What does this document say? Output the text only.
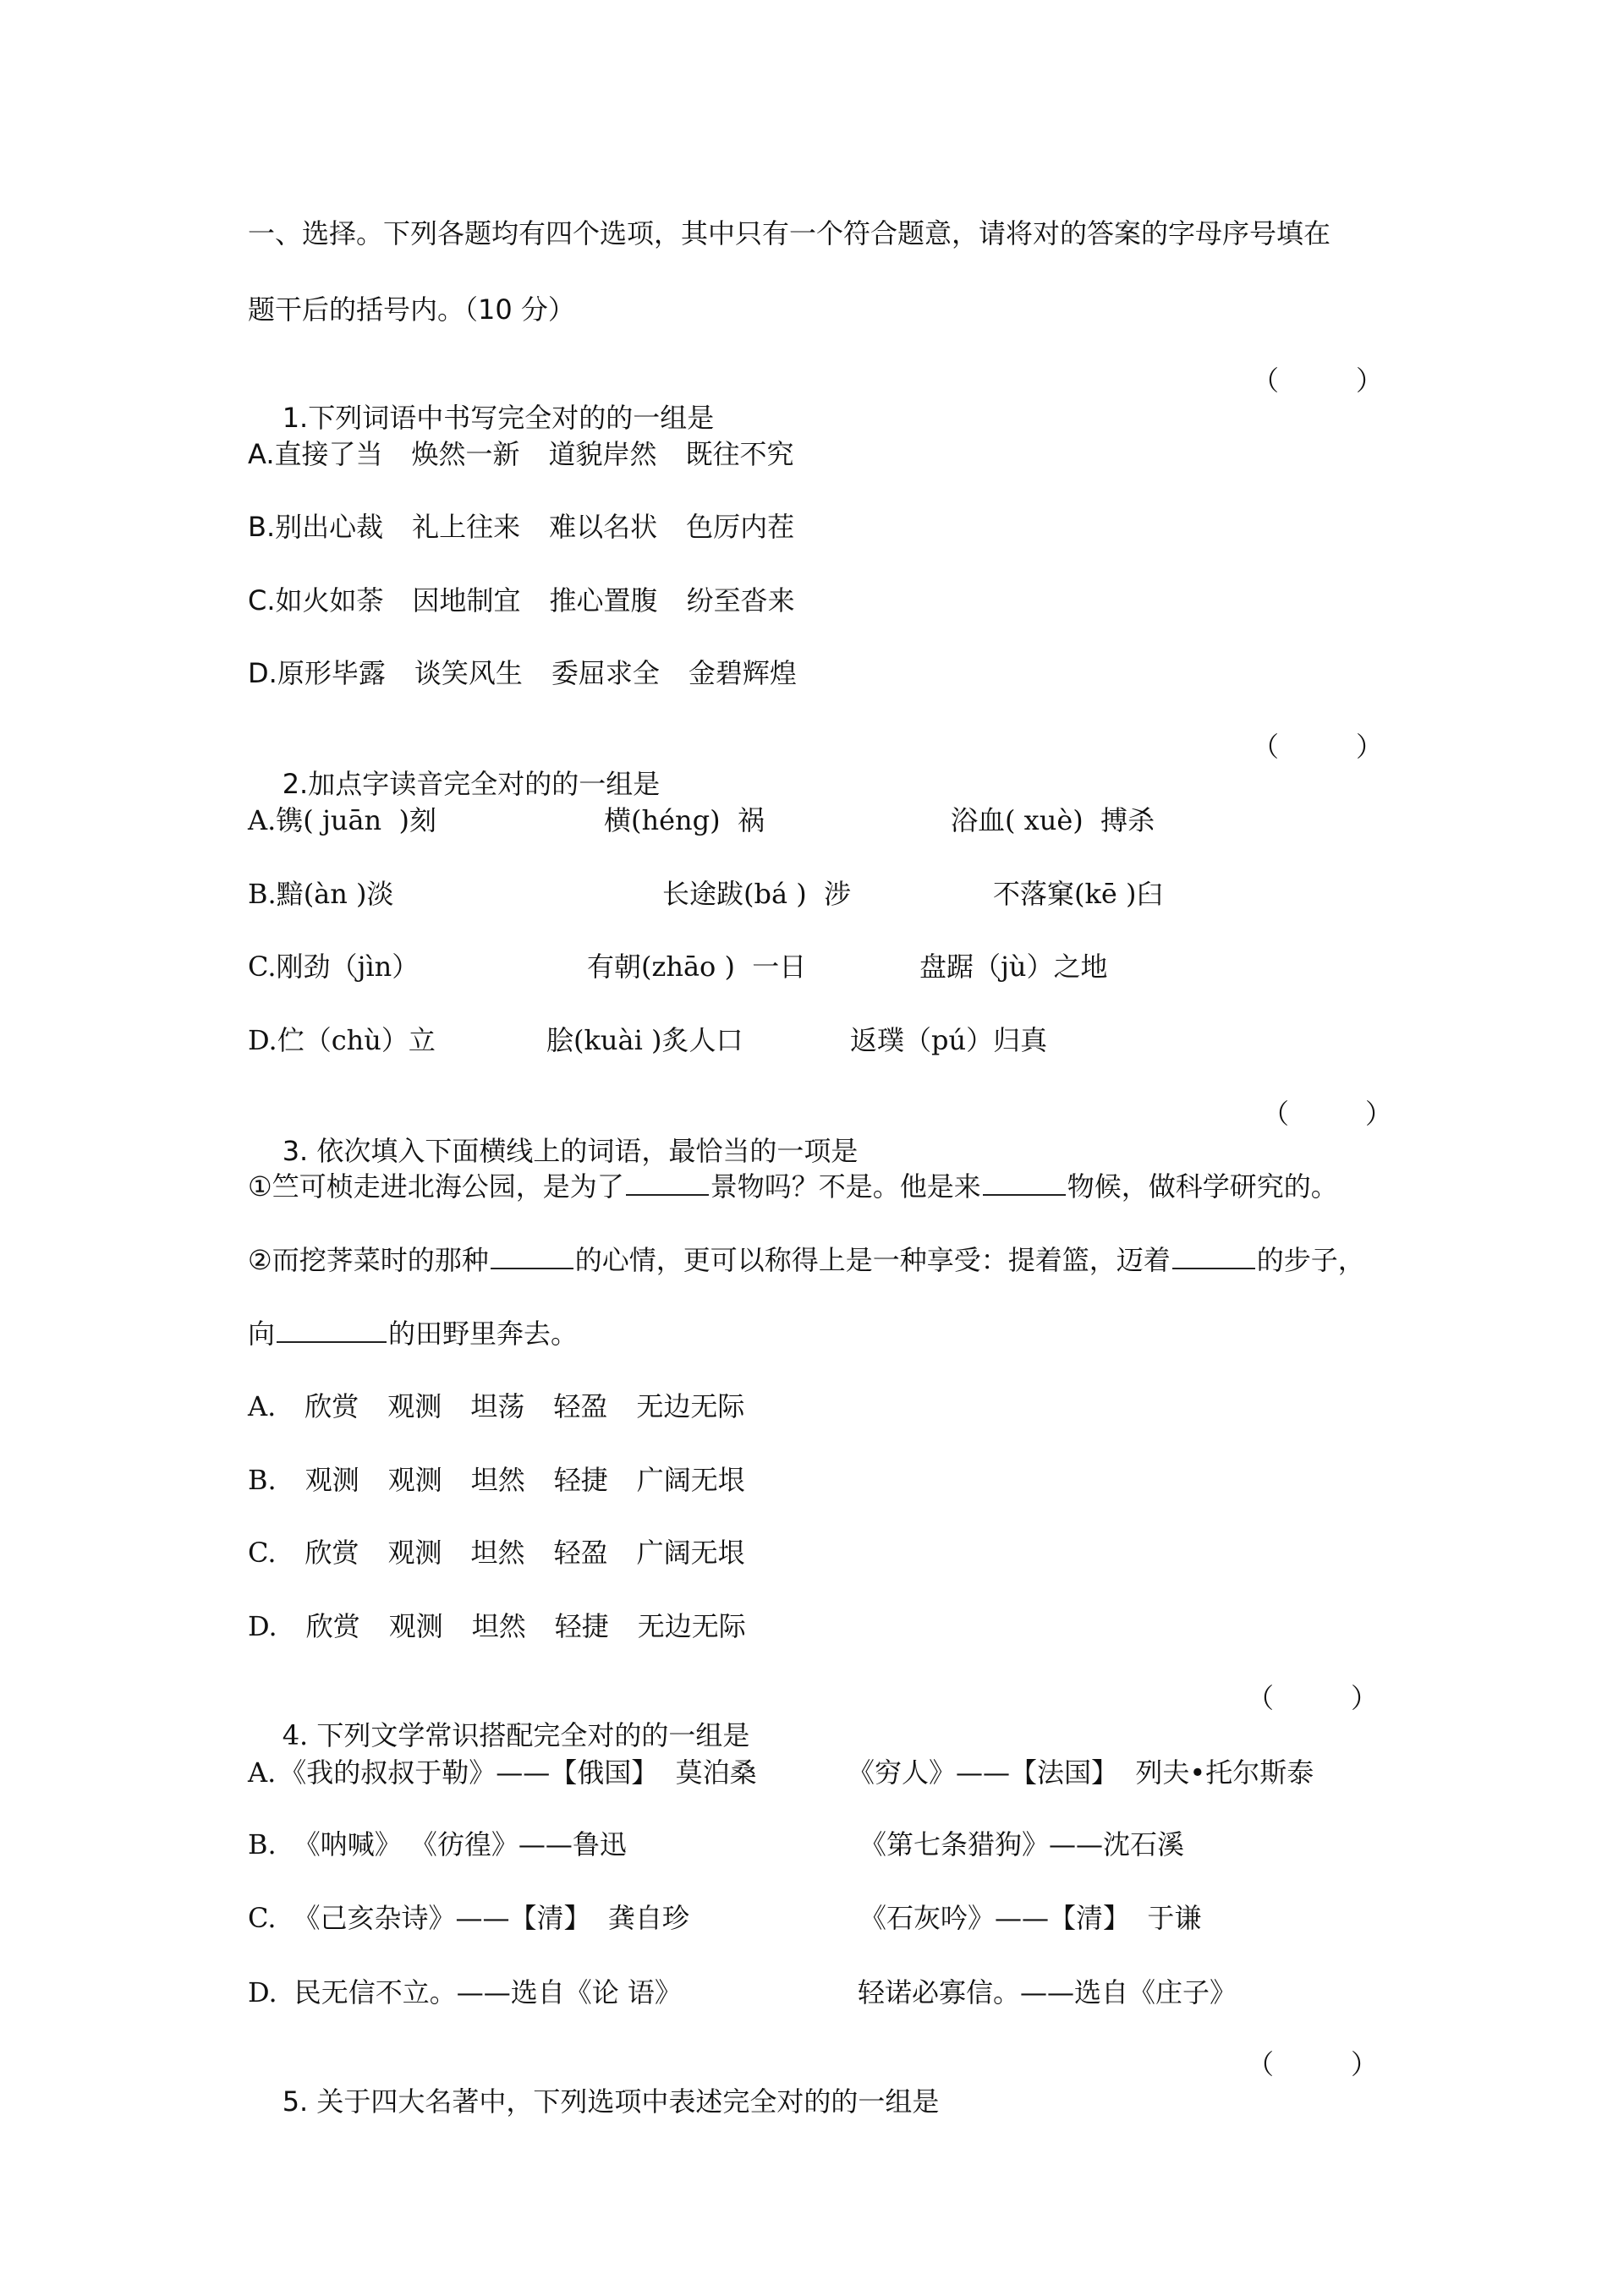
一、选择。下列各题均有四个选项，其中只有一个符合题意，请将对的答案的字母序号填在
题干后的括号内。（10 分）

1.下列词语中书写完全对的的一组是

（

	）

A.直接了当 焕然一新 道貌岸然 既往不究
B.别出心裁 礼上往来 难以名状 色厉内茬
C.如火如荼 因地制宜 推心置腹 纷至沓来
D.原形毕露 谈笑风生 委屈求全 金碧辉煌

2.加点字读音完全对的的一组是

（

	）

A.镌( juān  )刻	横(héng)  祸	浴血( xuè)  搏杀
B.黯(àn )淡	长途跋(bá )  涉	不落窠(kē )臼
C.刚劲（jìn）	有朝(zhāo )  一日	盘踞（jù）之地
D.伫（chù）立	脍(kuài )炙人口	返璞（pú）归真

3. 依次填入下面横线上的词语，最恰当的一项是

（

	）

①竺可桢走进北海公园，是为了	景物吗？不是。他是来	物候，做科学研究的。
②而挖荠菜时的那种	的心情，更可以称得上是一种享受：提着篮，迈着	的步子，
向	的田野里奔去。
A. 欣赏 观测 坦荡 轻盈 无边无际
B. 观测 观测 坦然 轻捷 广阔无垠
C. 欣赏 观测 坦然 轻盈 广阔无垠
D. 欣赏 观测 坦然 轻捷 无边无际

4. 下列文学常识搭配完全对的的一组是

（

	）

A. 《我的叔叔于勒》——【俄国】  莫泊桑	《穷人》——【法国】  列夫•托尔斯泰
B. 《呐喊》 《彷徨》——鲁迅	《第七条猎狗》——沈石溪
C. 《己亥杂诗》——【清】  龚自珍	《石灰吟》——【清】  于谦
D. 民无信不立。——选自《论 语》	轻诺必寡信。——选自《庄子》

5. 关于四大名著中，下列选项中表述完全对的的一组是

（

	）
